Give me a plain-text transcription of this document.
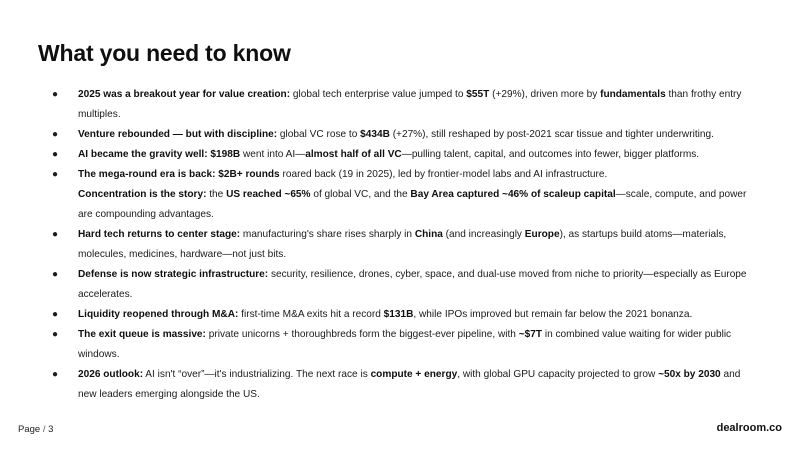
What you need to know
● 2025 was a breakout year for value creation: global tech enterprise value jumped to $55T (+29%), driven more by fundamentals than frothy entry multiples.
● Venture rebounded — but with discipline: global VC rose to $434B (+27%), still reshaped by post-2021 scar tissue and tighter underwriting.
● AI became the gravity well: $198B went into AI—almost half of all VC—pulling talent, capital, and outcomes into fewer, bigger platforms.
● The mega-round era is back: $2B+ rounds roared back (19 in 2025), led by frontier-model labs and AI infrastructure.
Concentration is the story: the US reached ~65% of global VC, and the Bay Area captured ~46% of scaleup capital—scale, compute, and power are compounding advantages.
● Hard tech returns to center stage: manufacturing's share rises sharply in China (and increasingly Europe), as startups build atoms—materials, molecules, medicines, hardware—not just bits.
● Defense is now strategic infrastructure: security, resilience, drones, cyber, space, and dual-use moved from niche to priority—especially as Europe accelerates.
● Liquidity reopened through M&A: first-time M&A exits hit a record $131B, while IPOs improved but remain far below the 2021 bonanza.
● The exit queue is massive: private unicorns + thoroughbreds form the biggest-ever pipeline, with ~$7T in combined value waiting for wider public windows.
● 2026 outlook: AI isn't “over”—it's industrializing. The next race is compute + energy, with global GPU capacity projected to grow ~50x by 2030 and new leaders emerging alongside the US.
Page / 3	dealroom.co
